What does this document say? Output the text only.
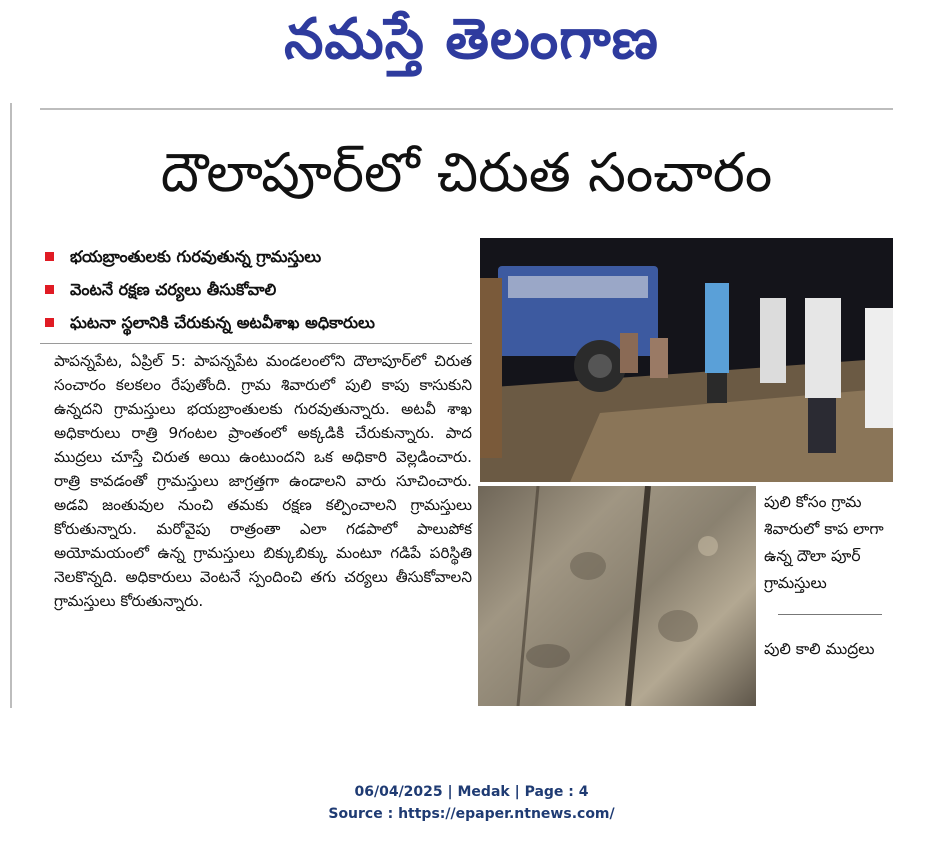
నమస్తే తెలంగాణ
దౌలాపూర్‌లో చిరుత సంచారం
భయబ్రాంతులకు గురవుతున్న గ్రామస్తులు
వెంటనే రక్షణ చర్యలు తీసుకోవాలి
ఘటనా స్థలానికి చేరుకున్న అటవీశాఖ అధికారులు
పాపన్నపేట, ఏప్రిల్ 5: పాపన్నపేట మండలంలోని దౌలాపూర్‌లో చిరుత సంచారం కలకలం రేపుతోంది. గ్రామ శివారులో పులి కాపు కాసుకుని ఉన్నదని గ్రామస్తులు భయబ్రాంతులకు గురవుతున్నారు. అటవీ శాఖ అధికారులు రాత్రి 9గంటల ప్రాంతంలో అక్కడికి చేరుకున్నారు. పాద ముద్రలు చూస్తే చిరుత అయి ఉంటుందని ఒక అధికారి వెల్లడించారు. రాత్రి కావడంతో గ్రామస్తులు జాగ్రత్తగా ఉండాలని వారు సూచించారు. అడవి జంతువుల నుంచి తమకు రక్షణ కల్పించాలని గ్రామస్తులు కోరుతున్నారు. మరోవైపు రాత్రంతా ఎలా గడపాలో పాలుపోక అయోమయంలో ఉన్న గ్రామస్తులు బిక్కుబిక్కు మంటూ గడిపే పరిస్థితి నెలకొన్నది. అధికారులు వెంటనే స్పందించి తగు చర్యలు తీసుకోవాలని గ్రామస్తులు కోరుతున్నారు.
పులి కోసం గ్రామ శివారులో కాప లాగా ఉన్న దౌలా పూర్ గ్రామస్తులు
పులి కాలి ముద్రలు
06/04/2025 | Medak | Page : 4
Source : https://epaper.ntnews.com/
